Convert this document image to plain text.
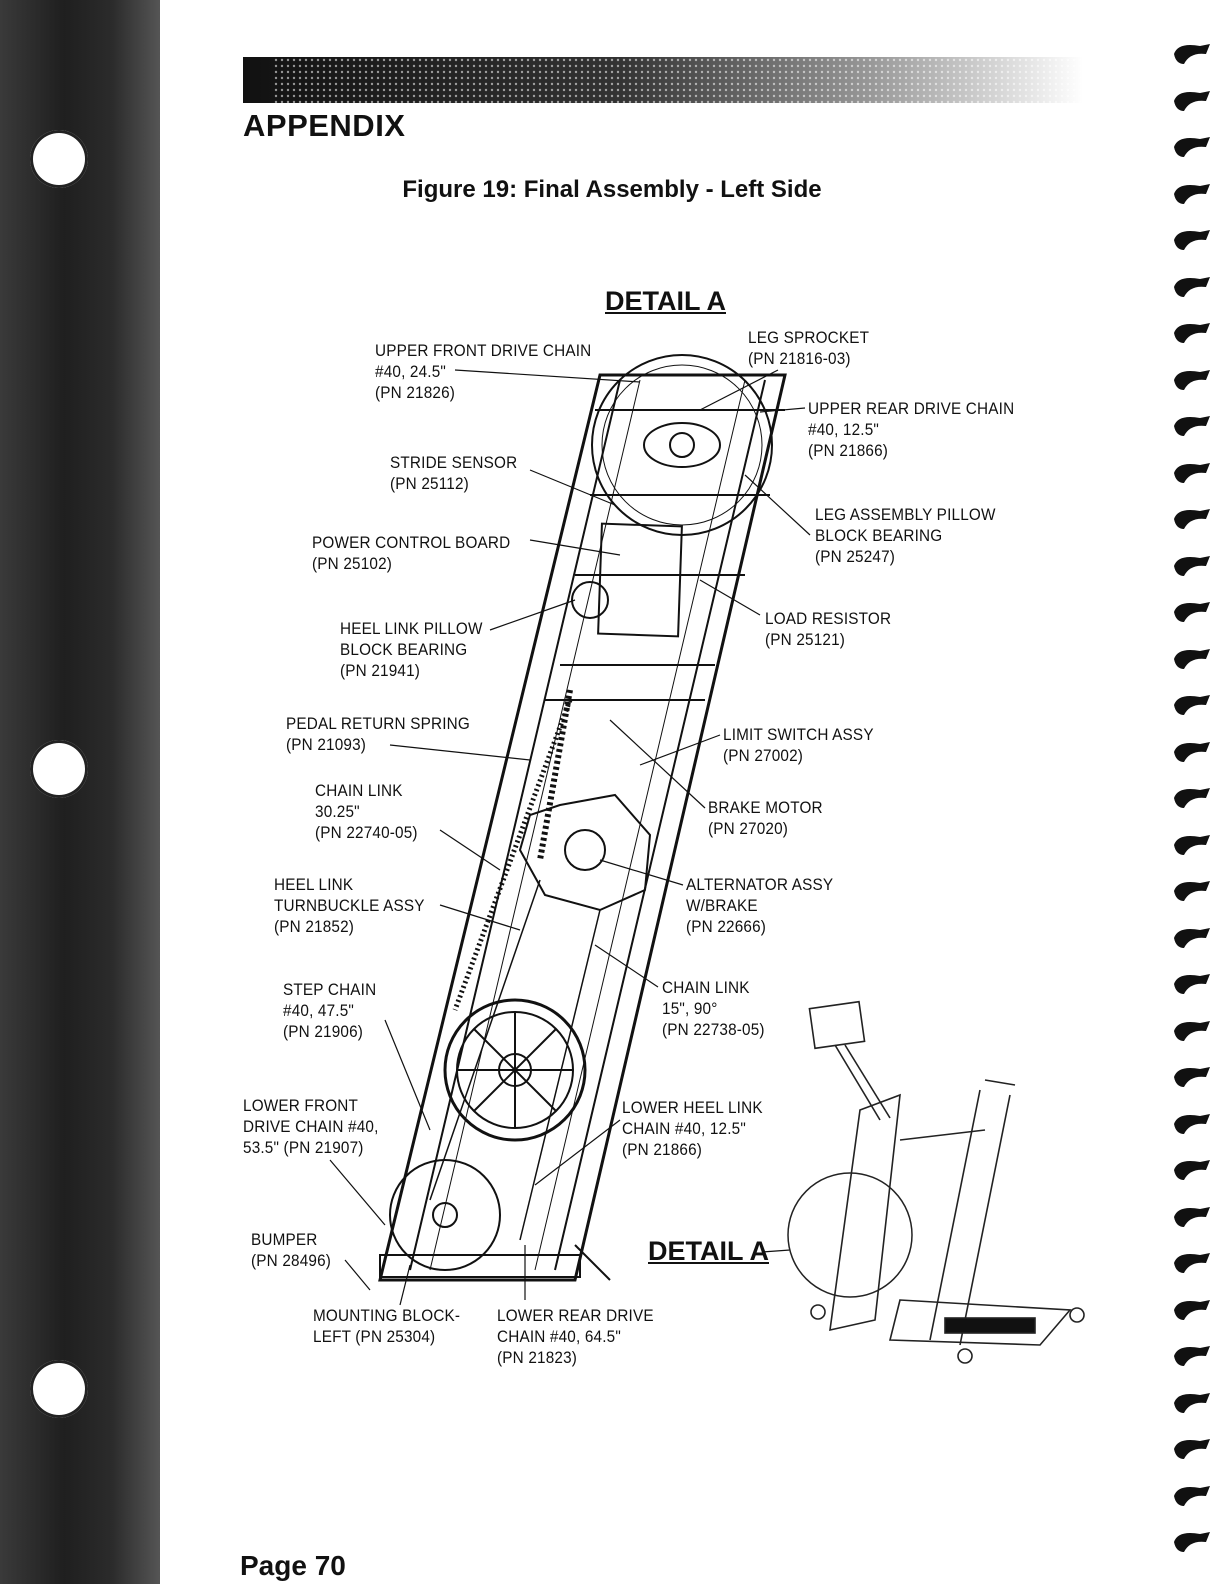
APPENDIX
Figure 19: Final Assembly - Left Side
DETAIL A
UPPER FRONT DRIVE CHAIN
#40, 24.5"
(PN 21826)
LEG SPROCKET
(PN 21816-03)
UPPER REAR DRIVE CHAIN
#40, 12.5"
(PN 21866)
STRIDE SENSOR
(PN 25112)
LEG ASSEMBLY PILLOW
BLOCK BEARING
(PN 25247)
POWER CONTROL BOARD
(PN 25102)
LOAD RESISTOR
(PN 25121)
HEEL LINK PILLOW
BLOCK BEARING
(PN 21941)
PEDAL RETURN SPRING
(PN 21093)
LIMIT SWITCH ASSY
(PN 27002)
CHAIN LINK
30.25"
(PN 22740-05)
BRAKE MOTOR
(PN 27020)
HEEL LINK
TURNBUCKLE ASSY
(PN 21852)
ALTERNATOR ASSY
W/BRAKE
(PN 22666)
STEP CHAIN
#40, 47.5"
(PN 21906)
CHAIN LINK
15", 90°
(PN 22738-05)
LOWER FRONT
DRIVE CHAIN #40,
53.5" (PN 21907)
LOWER HEEL LINK
CHAIN #40, 12.5"
(PN 21866)
BUMPER
(PN 28496)
MOUNTING BLOCK-
LEFT (PN 25304)
LOWER REAR DRIVE
CHAIN #40, 64.5"
(PN 21823)
DETAIL A
Page 70
